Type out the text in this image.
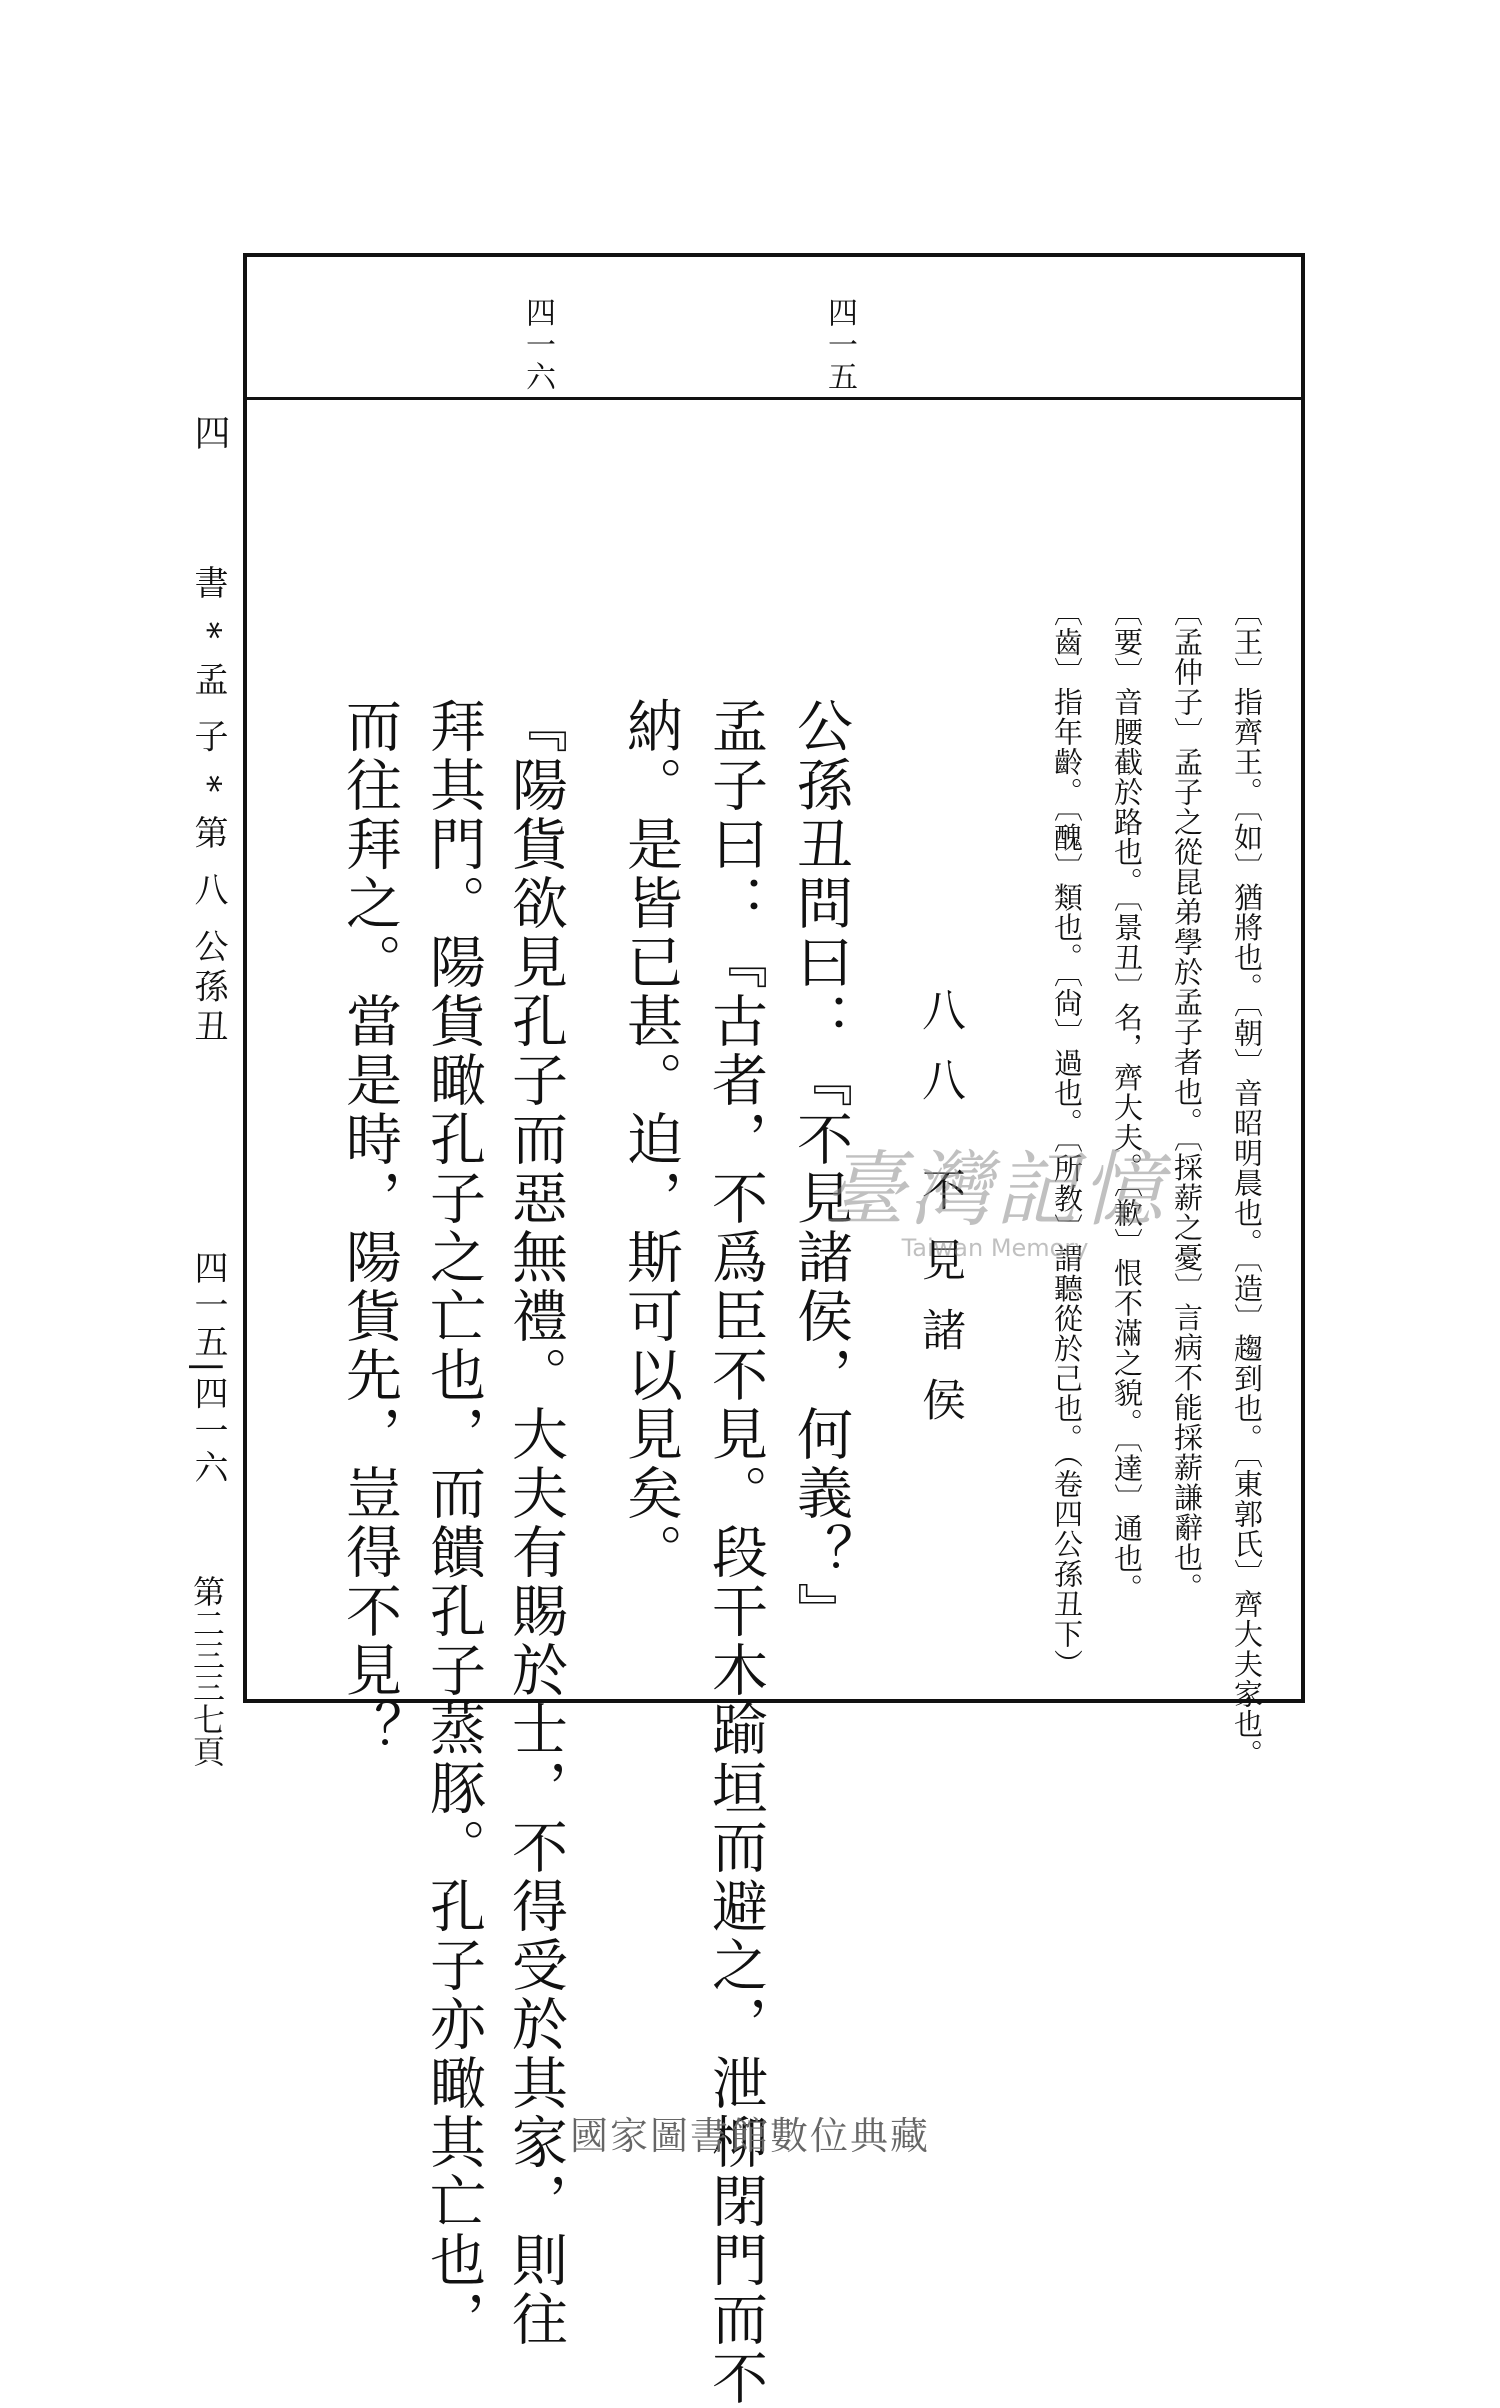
四
書 * 孟 子 * 第 八 公孫丑
四一五|四一六
第二三三七頁
四一五
四一六
〔王〕指齊王。〔如〕猶將也。〔朝〕音昭明晨也。〔造〕趨到也。〔東郭氏〕齊大夫家也。
〔孟仲子〕孟子之從昆弟學於孟子者也。〔採薪之憂〕言病不能採薪謙辭也。
〔要〕音腰截於路也。〔景丑〕名，齊大夫。〔歉〕恨不滿之貌。〔達〕通也。
〔齒〕指年齡。〔醜〕類也。〔尙〕過也。〔所教〕謂聽從於己也。（卷四公孫丑下）
八八 不見諸侯
公孫丑問曰：『不見諸侯，何義？』
孟子曰：『古者，不爲臣不見。段干木踰垣而避之，泄柳閉門而不
納。是皆已甚。迫，斯可以見矣。
『陽貨欲見孔子而惡無禮。大夫有賜於士，不得受於其家，則往
拜其門。陽貨瞰孔子之亡也，而饋孔子蒸豚。孔子亦瞰其亡也，
而往拜之。當是時，陽貨先，豈得不見？	臺灣記憶
Taiwan Memory
國家圖書館數位典藏
